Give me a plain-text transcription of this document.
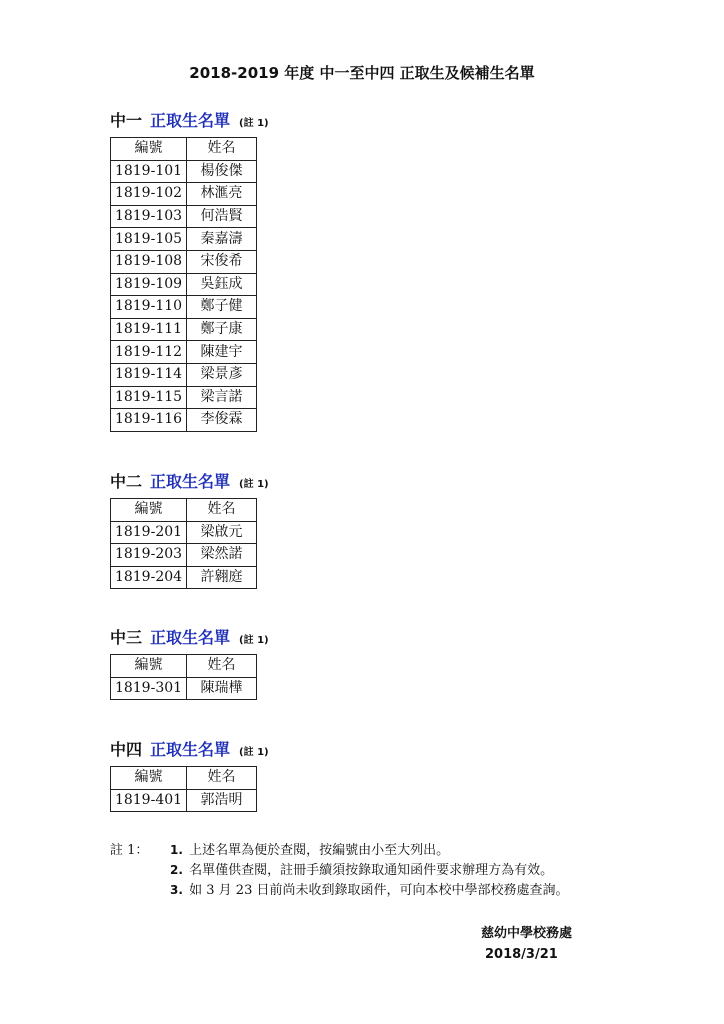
2018-2019 年度 中一至中四 正取生及候補生名單
中一 正取生名單 (註 1)
編號	姓名
1819-101	楊俊傑
1819-102	林滙亮
1819-103	何浩賢
1819-105	秦嘉濤
1819-108	宋俊希
1819-109	吳鈺成
1819-110	鄭子健
1819-111	鄭子康
1819-112	陳建宇
1819-114	梁景彥
1819-115	梁言諾
1819-116	李俊霖
中二 正取生名單 (註 1)
編號	姓名
1819-201	梁啟元
1819-203	梁然諾
1819-204	許翱庭
中三 正取生名單 (註 1)
編號	姓名
1819-301	陳瑞樺
中四 正取生名單 (註 1)
編號	姓名
1819-401	郭浩明
註 1： 1. 上述名單為便於查閱，按編號由小至大列出。
2. 名單僅供查閱，註冊手續須按錄取通知函件要求辦理方為有效。
3. 如 3 月 23 日前尚未收到錄取函件，可向本校中學部校務處查詢。
慈幼中學校務處
2018/3/21
